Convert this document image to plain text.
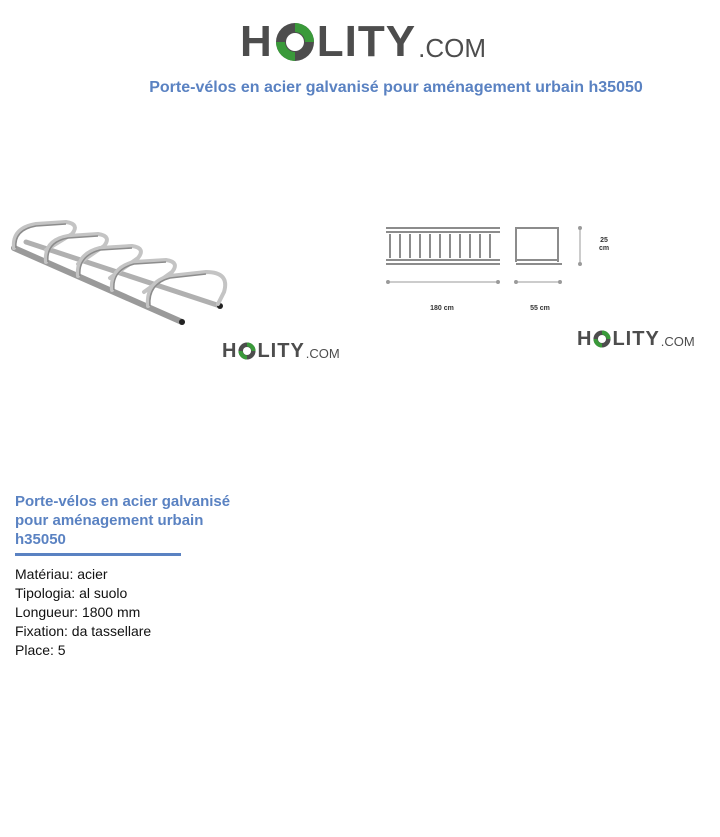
H LITY .COM
Porte-vélos en acier galvanisé pour aménagement urbain h35050
H LITY .COM
25
cm
180 cm	55 cm
H LITY .COM
Porte-vélos en acier galvanisé pour aménagement urbain h35050
Matériau: acier
Tipologia: al suolo
Longueur: 1800 mm
Fixation: da tassellare
Place: 5
